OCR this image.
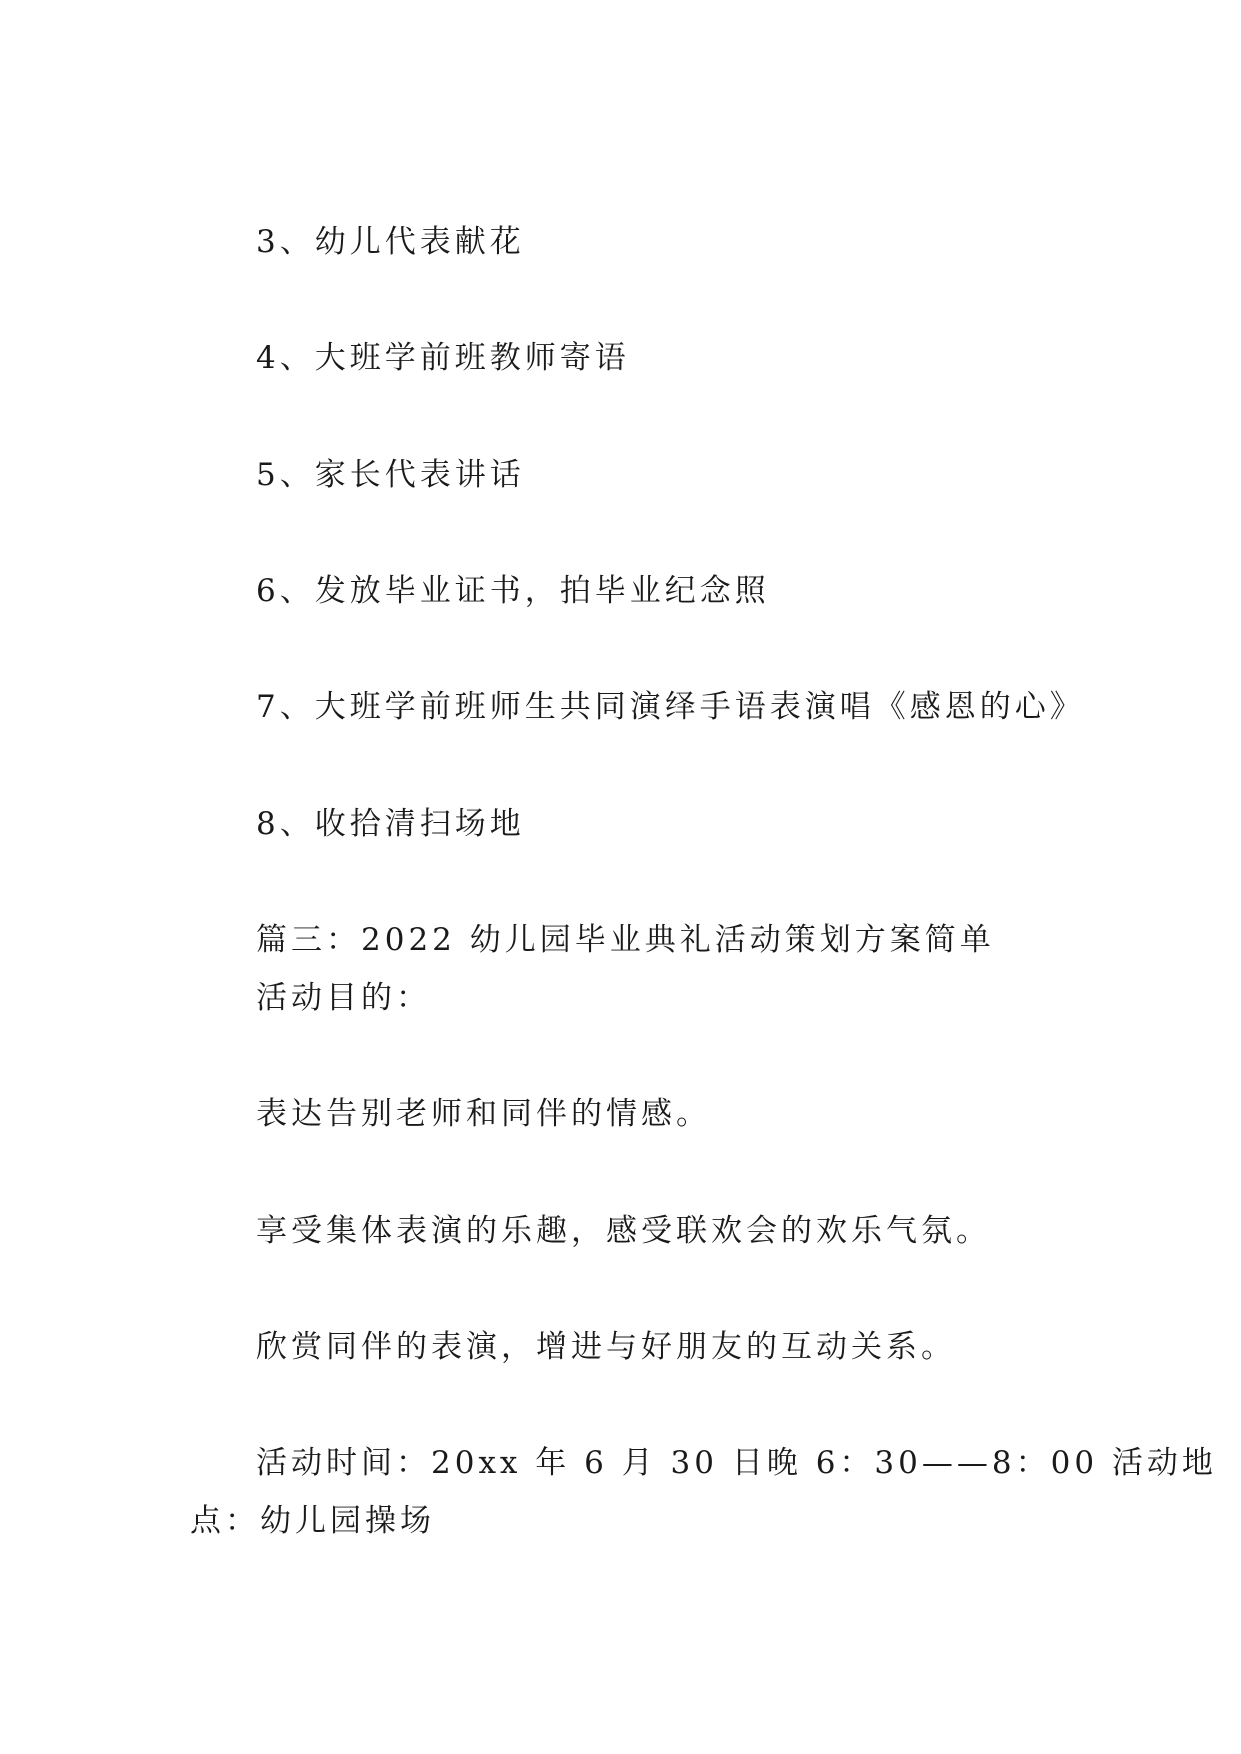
3、幼儿代表献花
4、大班学前班教师寄语
5、家长代表讲话
6、发放毕业证书，拍毕业纪念照
7、大班学前班师生共同演绎手语表演唱《感恩的心》
8、收拾清扫场地
篇三：2022 幼儿园毕业典礼活动策划方案简单
活动目的：
表达告别老师和同伴的情感。
享受集体表演的乐趣，感受联欢会的欢乐气氛。
欣赏同伴的表演，增进与好朋友的互动关系。
活动时间：20xx 年 6 月 30 日晚 6：30——8：00 活动地
点：幼儿园操场
